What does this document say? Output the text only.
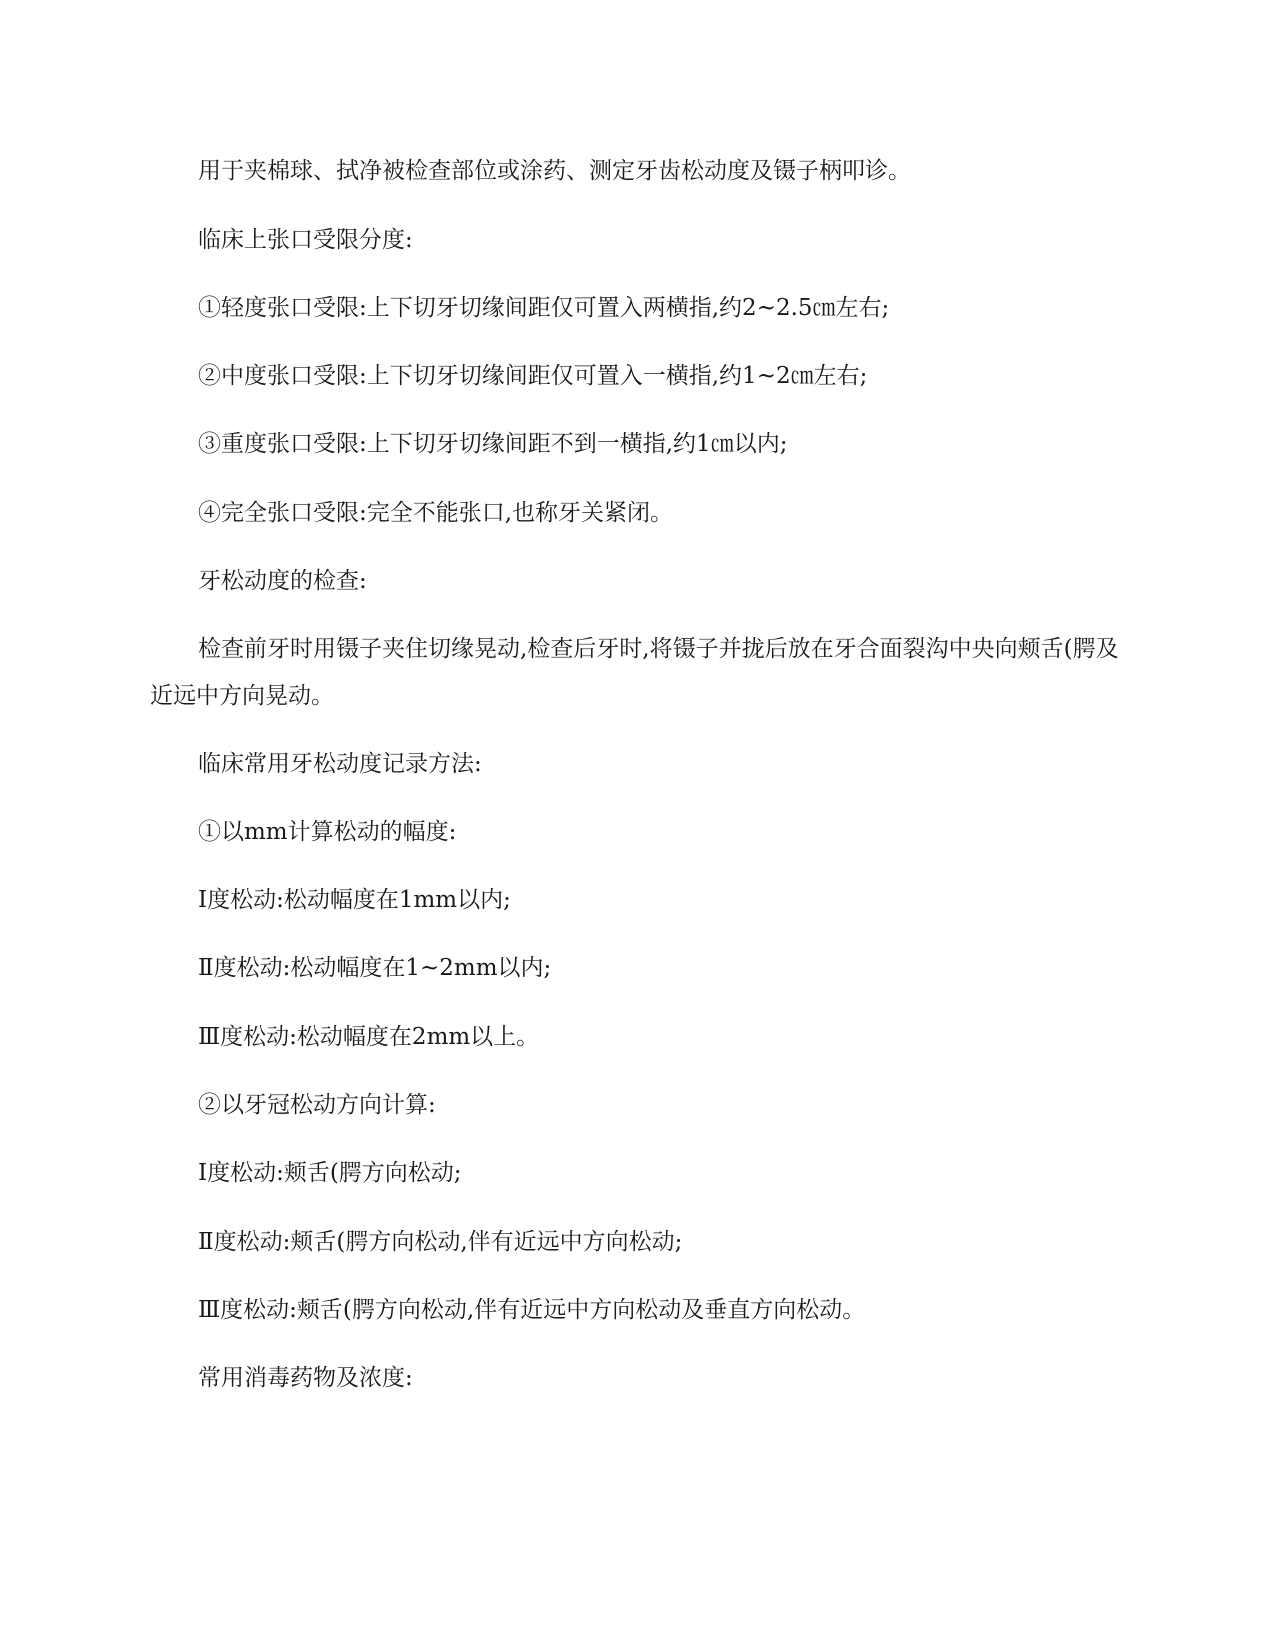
用于夹棉球、拭净被检查部位或涂药、测定牙齿松动度及镊子柄叩诊。

临床上张口受限分度:

①轻度张口受限:上下切牙切缘间距仅可置入两横指,约2~2.5㎝左右;

②中度张口受限:上下切牙切缘间距仅可置入一横指,约1~2㎝左右;

③重度张口受限:上下切牙切缘间距不到一横指,约1㎝以内;

④完全张口受限:完全不能张口,也称牙关紧闭。

牙松动度的检查:

检查前牙时用镊子夹住切缘晃动,检查后牙时,将镊子并拢后放在牙合面裂沟中央向颊舌(腭及近远中方向晃动。

临床常用牙松动度记录方法:

①以mm计算松动的幅度:

Ⅰ度松动:松动幅度在1mm以内;

Ⅱ度松动:松动幅度在1~2mm以内;

Ⅲ度松动:松动幅度在2mm以上。

②以牙冠松动方向计算:

Ⅰ度松动:颊舌(腭方向松动;

Ⅱ度松动:颊舌(腭方向松动,伴有近远中方向松动;

Ⅲ度松动:颊舌(腭方向松动,伴有近远中方向松动及垂直方向松动。

常用消毒药物及浓度:
